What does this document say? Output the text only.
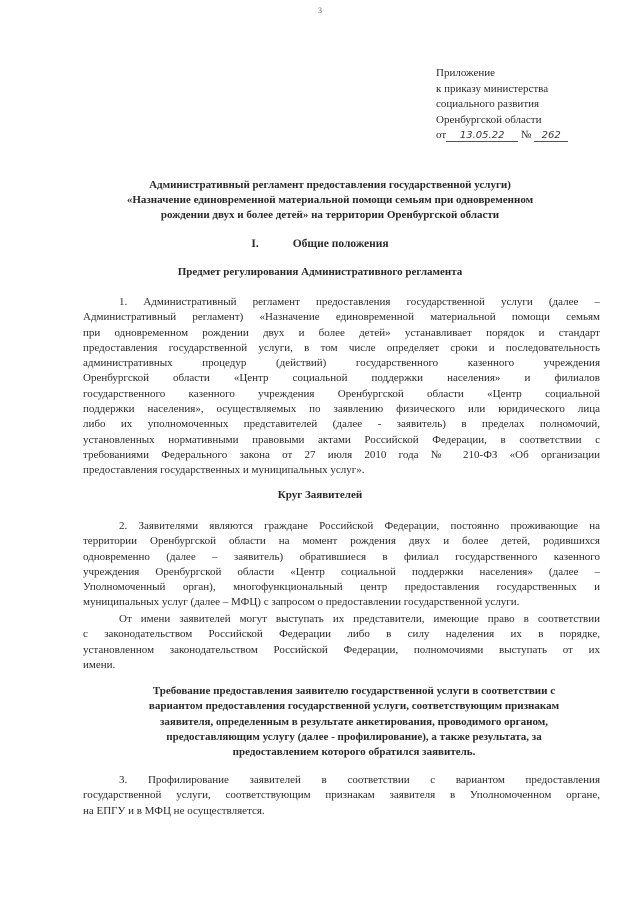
3
Приложение
к приказу министерства
социального развития
Оренбургской области
от 13.05.22 № 262
Административный регламент предоставления государственной услуги)
«Назначение единовременной материальной помощи семьям при одновременном
рождении двух и более детей» на территории Оренбургской области
I.	Общие положения
Предмет регулирования Административного регламента
1. Административный регламент предоставления государственной услуги (далее –
Административный регламент) «Назначение единовременной материальной помощи семьям
при одновременном рождении двух и более детей» устанавливает порядок и стандарт
предоставления государственной услуги, в том числе определяет сроки и последовательность
административных процедур (действий) государственного казенного учреждения
Оренбургской области «Центр социальной поддержки населения» и филиалов
государственного казенного учреждения Оренбургской области «Центр социальной
поддержки населения», осуществляемых по заявлению физического или юридического лица
либо их уполномоченных представителей (далее - заявитель) в пределах полномочий,
установленных нормативными правовыми актами Российской Федерации, в соответствии с
требованиями Федерального закона от 27 июля 2010 года № 210-ФЗ «Об организации
предоставления государственных и муниципальных услуг».
Круг Заявителей
2. Заявителями являются граждане Российской Федерации, постоянно проживающие на
территории Оренбургской области на момент рождения двух и более детей, родившихся
одновременно (далее – заявитель) обратившиеся в филиал государственного казенного
учреждения Оренбургской области «Центр социальной поддержки населения» (далее –
Уполномоченный орган), многофункциональный центр предоставления государственных и
муниципальных услуг (далее – МФЦ) с запросом о предоставлении государственной услуги.
От имени заявителей могут выступать их представители, имеющие право в соответствии
с законодательством Российской Федерации либо в силу наделения их в порядке,
установленном законодательством Российской Федерации, полномочиями выступать от их
имени.
Требование предоставления заявителю государственной услуги в соответствии с
вариантом предоставления государственной услуги, соответствующим признакам
заявителя, определенным в результате анкетирования, проводимого органом,
предоставляющим услугу (далее - профилирование), а также результата, за
предоставлением которого обратился заявитель.
3. Профилирование заявителей в соответствии с вариантом предоставления
государственной услуги, соответствующим признакам заявителя в Уполномоченном органе,
на ЕПГУ и в МФЦ не осуществляется.
